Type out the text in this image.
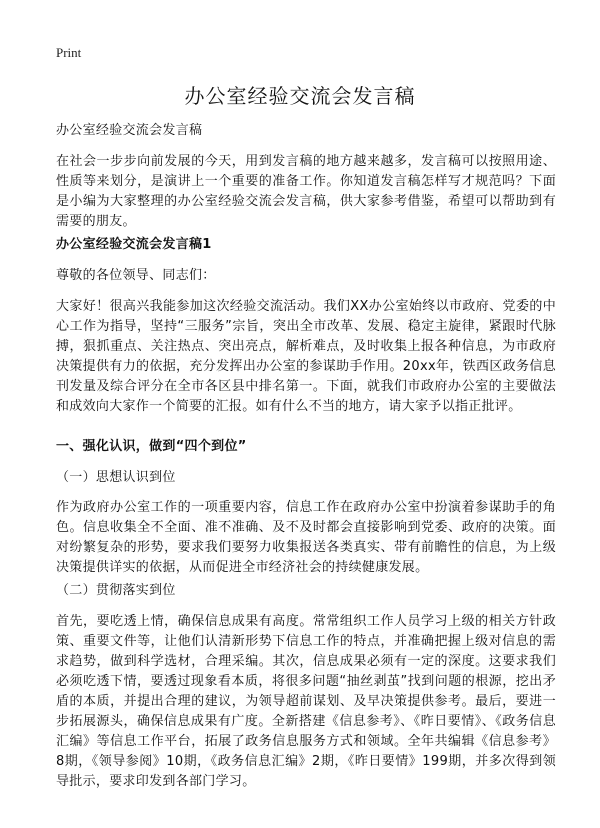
Print
办公室经验交流会发言稿

办公室经验交流会发言稿

在社会一步步向前发展的今天，用到发言稿的地方越来越多，发言稿可以按照用途、性质等来划分，是演讲上一个重要的准备工作。你知道发言稿怎样写才规范吗？下面是小编为大家整理的办公室经验交流会发言稿，供大家参考借鉴，希望可以帮助到有需要的朋友。

办公室经验交流会发言稿1

尊敬的各位领导、同志们：

大家好！很高兴我能参加这次经验交流活动。我们XX办公室始终以市政府、党委的中心工作为指导，坚持“三服务”宗旨，突出全市改革、发展、稳定主旋律，紧跟时代脉搏，狠抓重点、关注热点、突出亮点，解析难点，及时收集上报各种信息，为市政府决策提供有力的依据，充分发挥出办公室的参谋助手作用。20xx年，铁西区政务信息刊发量及综合评分在全市各区县中排名第一。下面，就我们市政府办公室的主要做法和成效向大家作一个简要的汇报。如有什么不当的地方，请大家予以指正批评。

一、强化认识，做到“四个到位”

（一）思想认识到位

作为政府办公室工作的一项重要内容，信息工作在政府办公室中扮演着参谋助手的角色。信息收集全不全面、准不准确、及不及时都会直接影响到党委、政府的决策。面对纷繁复杂的形势，要求我们要努力收集报送各类真实、带有前瞻性的信息，为上级决策提供详实的依据，从而促进全市经济社会的持续健康发展。

（二）贯彻落实到位

首先，要吃透上情，确保信息成果有高度。常常组织工作人员学习上级的相关方针政策、重要文件等，让他们认清新形势下信息工作的特点，并准确把握上级对信息的需求趋势，做到科学选材，合理采编。其次，信息成果必须有一定的深度。这要求我们必须吃透下情，要透过现象看本质，将很多问题“抽丝剥茧”找到问题的根源，挖出矛盾的本质，并提出合理的建议，为领导超前谋划、及早决策提供参考。最后，要进一步拓展源头，确保信息成果有广度。全新搭建《信息参考》、《昨日要情》、《政务信息汇编》等信息工作平台，拓展了政务信息服务方式和领域。全年共编辑《信息参考》8期，《领导参阅》10期，《政务信息汇编》2期，《昨日要情》199期，并多次得到领导批示，要求印发到各部门学习。
